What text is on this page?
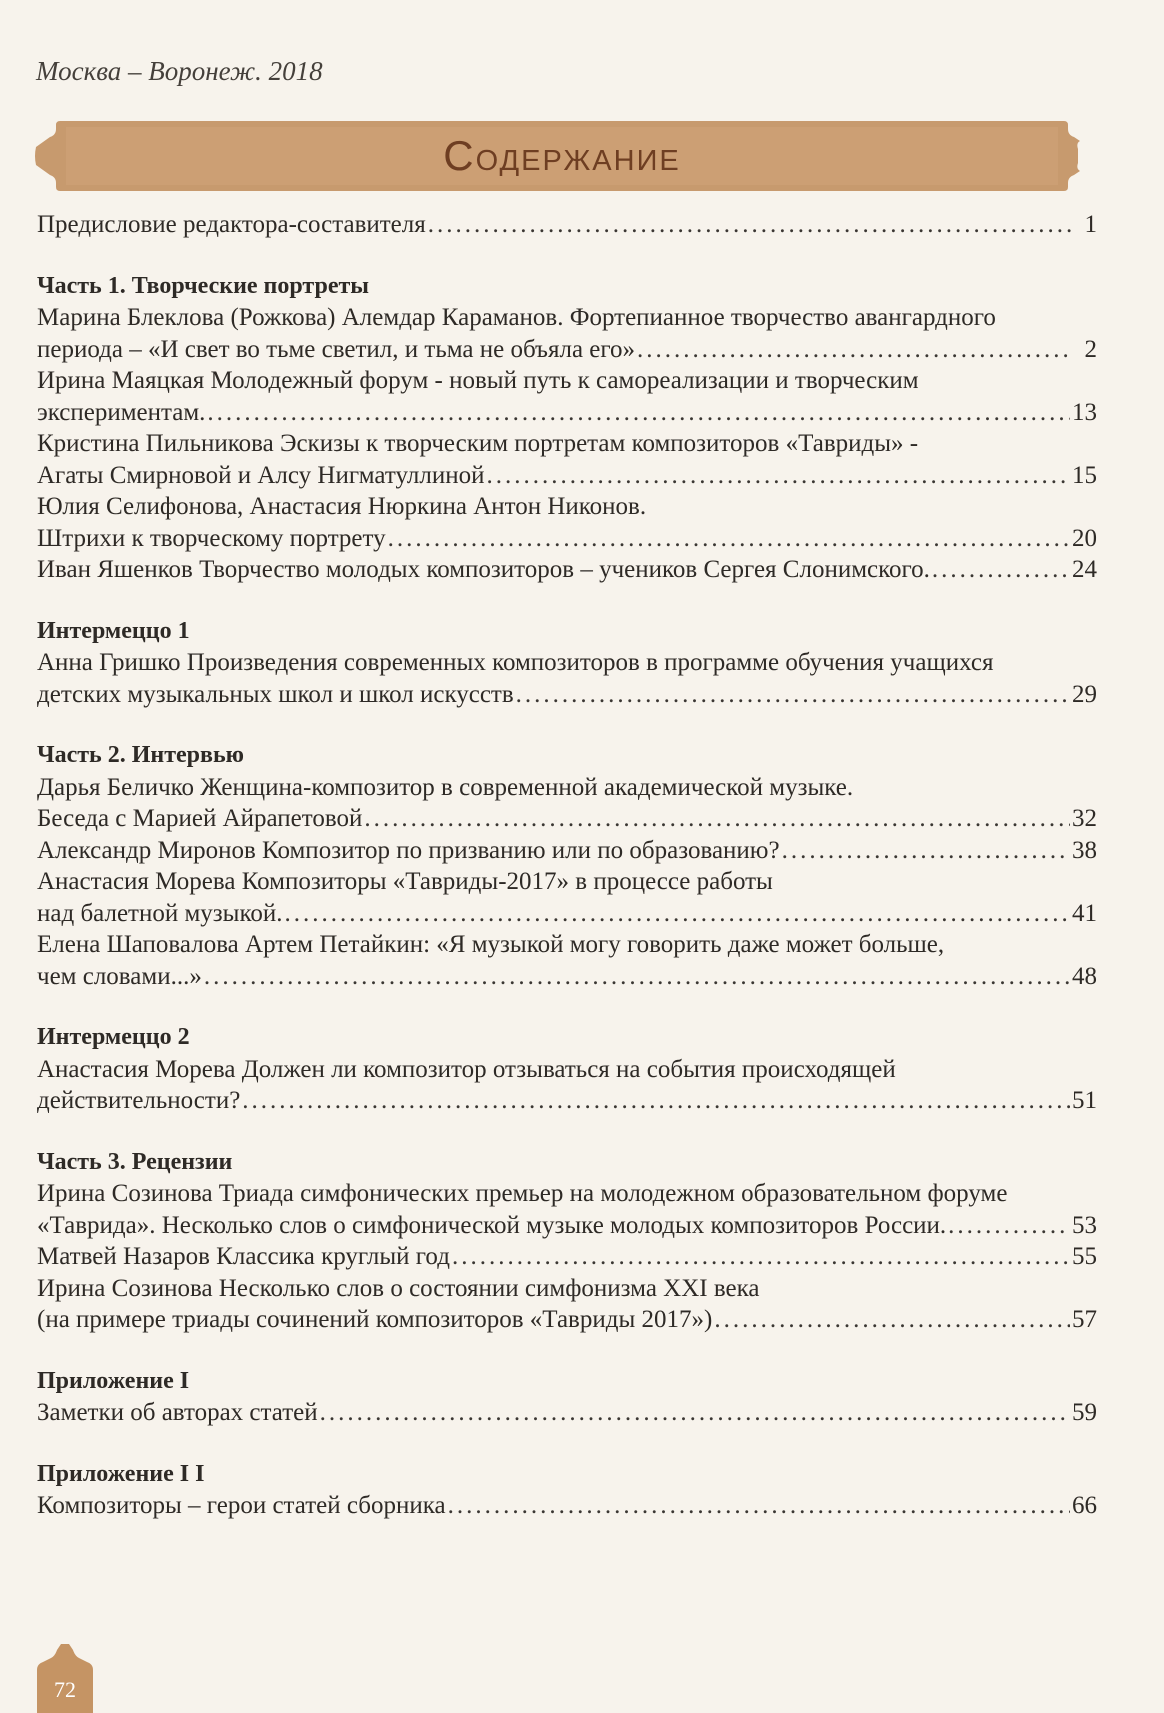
Москва – Воронеж. 2018
Содержание
Предисловие редактора-составителя .....	1
Часть 1. Творческие портреты
Марина Блеклова (Рожкова) Алемдар Караманов. Фортепианное творчество авангардного
периода – «И свет во тьме светил, и тьма не объяла его» .....	2
Ирина Маяцкая Молодежный форум - новый путь к самореализации и творческим
экспериментам. .....	13
Кристина Пильникова Эскизы к творческим портретам композиторов «Тавриды» -
Агаты Смирновой и Алсу Нигматуллиной .....	15
Юлия Селифонова, Анастасия Нюркина Антон Никонов.
Штрихи к творческому портрету .....	20
Иван Яшенков Творчество молодых композиторов – учеников Сергея Слонимского. .....	24
Интермеццо 1
Анна Гришко Произведения современных композиторов в программе обучения учащихся
детских музыкальных школ и школ искусств .....	29
Часть 2. Интервью
Дарья Беличко Женщина-композитор в современной академической музыке.
Беседа с Марией Айрапетовой .....	32
Александр Миронов Композитор по призванию или по образованию? .....	38
Анастасия Морева Композиторы «Тавриды-2017» в процессе работы
над балетной музыкой. .....	41
Елена Шаповалова Артем Петайкин: «Я музыкой могу говорить даже может больше,
чем словами...» .....	48
Интермеццо 2
Анастасия Морева Должен ли композитор отзываться на события происходящей
действительности? .....	51
Часть 3. Рецензии
Ирина Созинова Триада симфонических премьер на молодежном образовательном форуме
«Таврида». Несколько слов о симфонической музыке молодых композиторов России. .....	53
Матвей Назаров Классика круглый год .....	55
Ирина Созинова Несколько слов о состоянии симфонизма XXI века
(на примере триады сочинений композиторов «Тавриды 2017») .....	57
Приложение I
Заметки об авторах статей .....	59
Приложение I I
Композиторы – герои статей сборника .....	66
72
